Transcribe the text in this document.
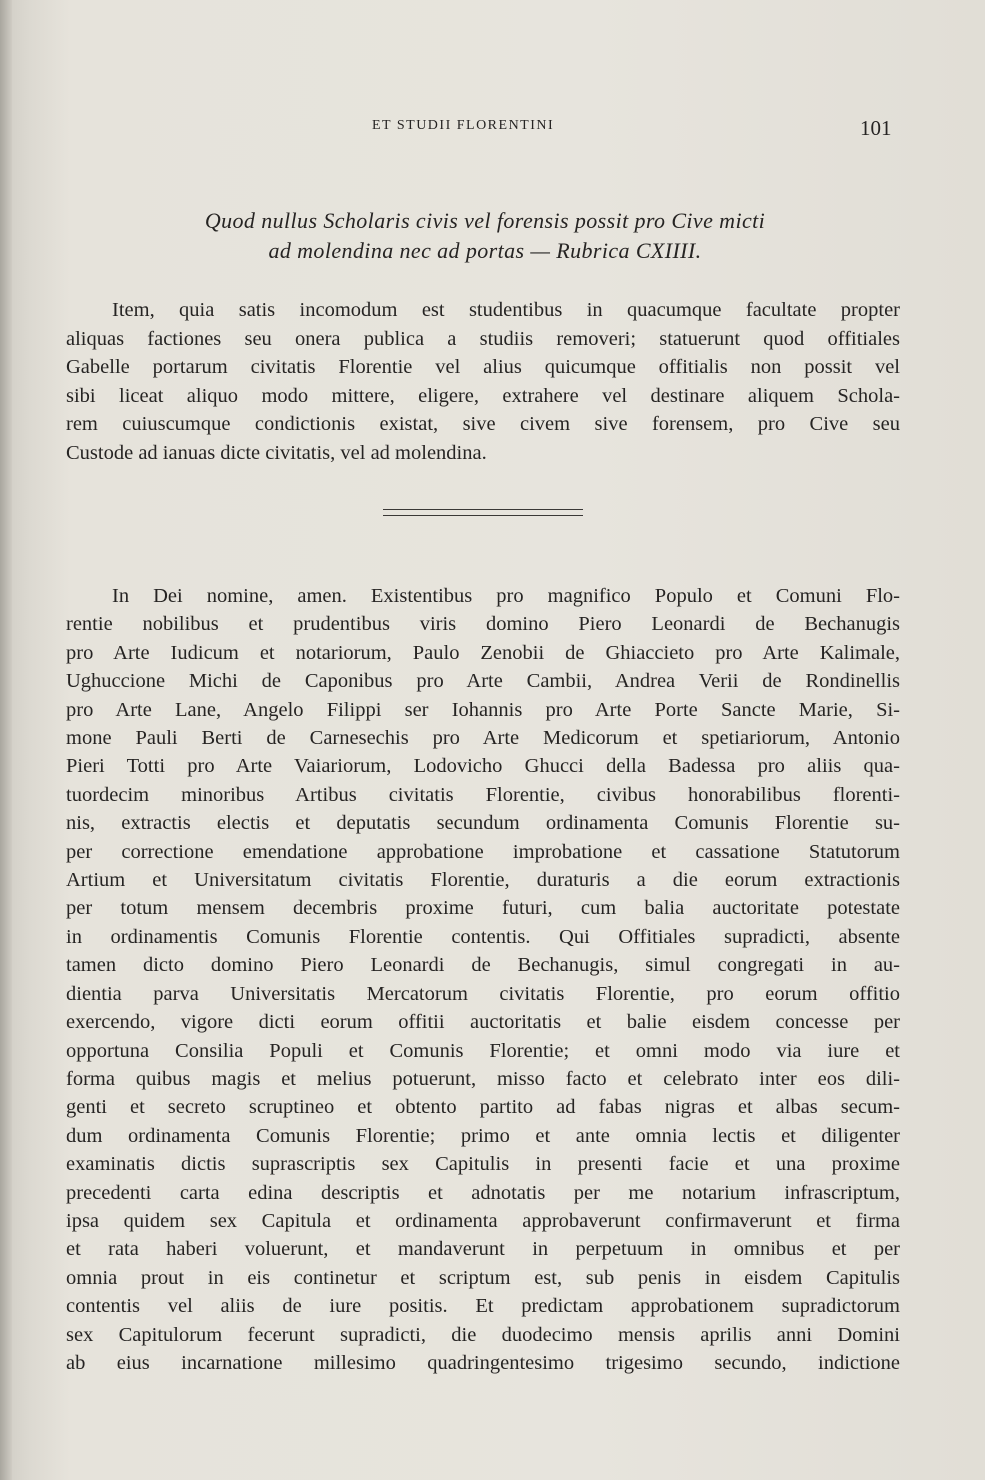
ET STUDII FLORENTINI	101
Quod nullus Scholaris civis vel forensis possit pro Cive micti
ad molendina nec ad portas — Rubrica CXIIII.
Item, quia satis incomodum est studentibus in quacumque facultate propter
aliquas factiones seu onera publica a studiis removeri; statuerunt quod offitiales
Gabelle portarum civitatis Florentie vel alius quicumque offitialis non possit vel
sibi liceat aliquo modo mittere, eligere, extrahere vel destinare aliquem Schola-
rem cuiuscumque condictionis existat, sive civem sive forensem, pro Cive seu
Custode ad ianuas dicte civitatis, vel ad molendina.
In Dei nomine, amen. Existentibus pro magnifico Populo et Comuni Flo-
rentie nobilibus et prudentibus viris domino Piero Leonardi de Bechanugis
pro Arte Iudicum et notariorum, Paulo Zenobii de Ghiaccieto pro Arte Kalimale,
Ughuccione Michi de Caponibus pro Arte Cambii, Andrea Verii de Rondinellis
pro Arte Lane, Angelo Filippi ser Iohannis pro Arte Porte Sancte Marie, Si-
mone Pauli Berti de Carnesechis pro Arte Medicorum et spetiariorum, Antonio
Pieri Totti pro Arte Vaiariorum, Lodovicho Ghucci della Badessa pro aliis qua-
tuordecim minoribus Artibus civitatis Florentie, civibus honorabilibus florenti-
nis, extractis electis et deputatis secundum ordinamenta Comunis Florentie su-
per correctione emendatione approbatione improbatione et cassatione Statutorum
Artium et Universitatum civitatis Florentie, duraturis a die eorum extractionis
per totum mensem decembris proxime futuri, cum balia auctoritate potestate
in ordinamentis Comunis Florentie contentis. Qui Offitiales supradicti, absente
tamen dicto domino Piero Leonardi de Bechanugis, simul congregati in au-
dientia parva Universitatis Mercatorum civitatis Florentie, pro eorum offitio
exercendo, vigore dicti eorum offitii auctoritatis et balie eisdem concesse per
opportuna Consilia Populi et Comunis Florentie; et omni modo via iure et
forma quibus magis et melius potuerunt, misso facto et celebrato inter eos dili-
genti et secreto scruptineo et obtento partito ad fabas nigras et albas secum-
dum ordinamenta Comunis Florentie; primo et ante omnia lectis et diligenter
examinatis dictis suprascriptis sex Capitulis in presenti facie et una proxime
precedenti carta edina descriptis et adnotatis per me notarium infrascriptum,
ipsa quidem sex Capitula et ordinamenta approbaverunt confirmaverunt et firma
et rata haberi voluerunt, et mandaverunt in perpetuum in omnibus et per
omnia prout in eis continetur et scriptum est, sub penis in eisdem Capitulis
contentis vel aliis de iure positis. Et predictam approbationem supradictorum
sex Capitulorum fecerunt supradicti, die duodecimo mensis aprilis anni Domini
ab eius incarnatione millesimo quadringentesimo trigesimo secundo, indictione
